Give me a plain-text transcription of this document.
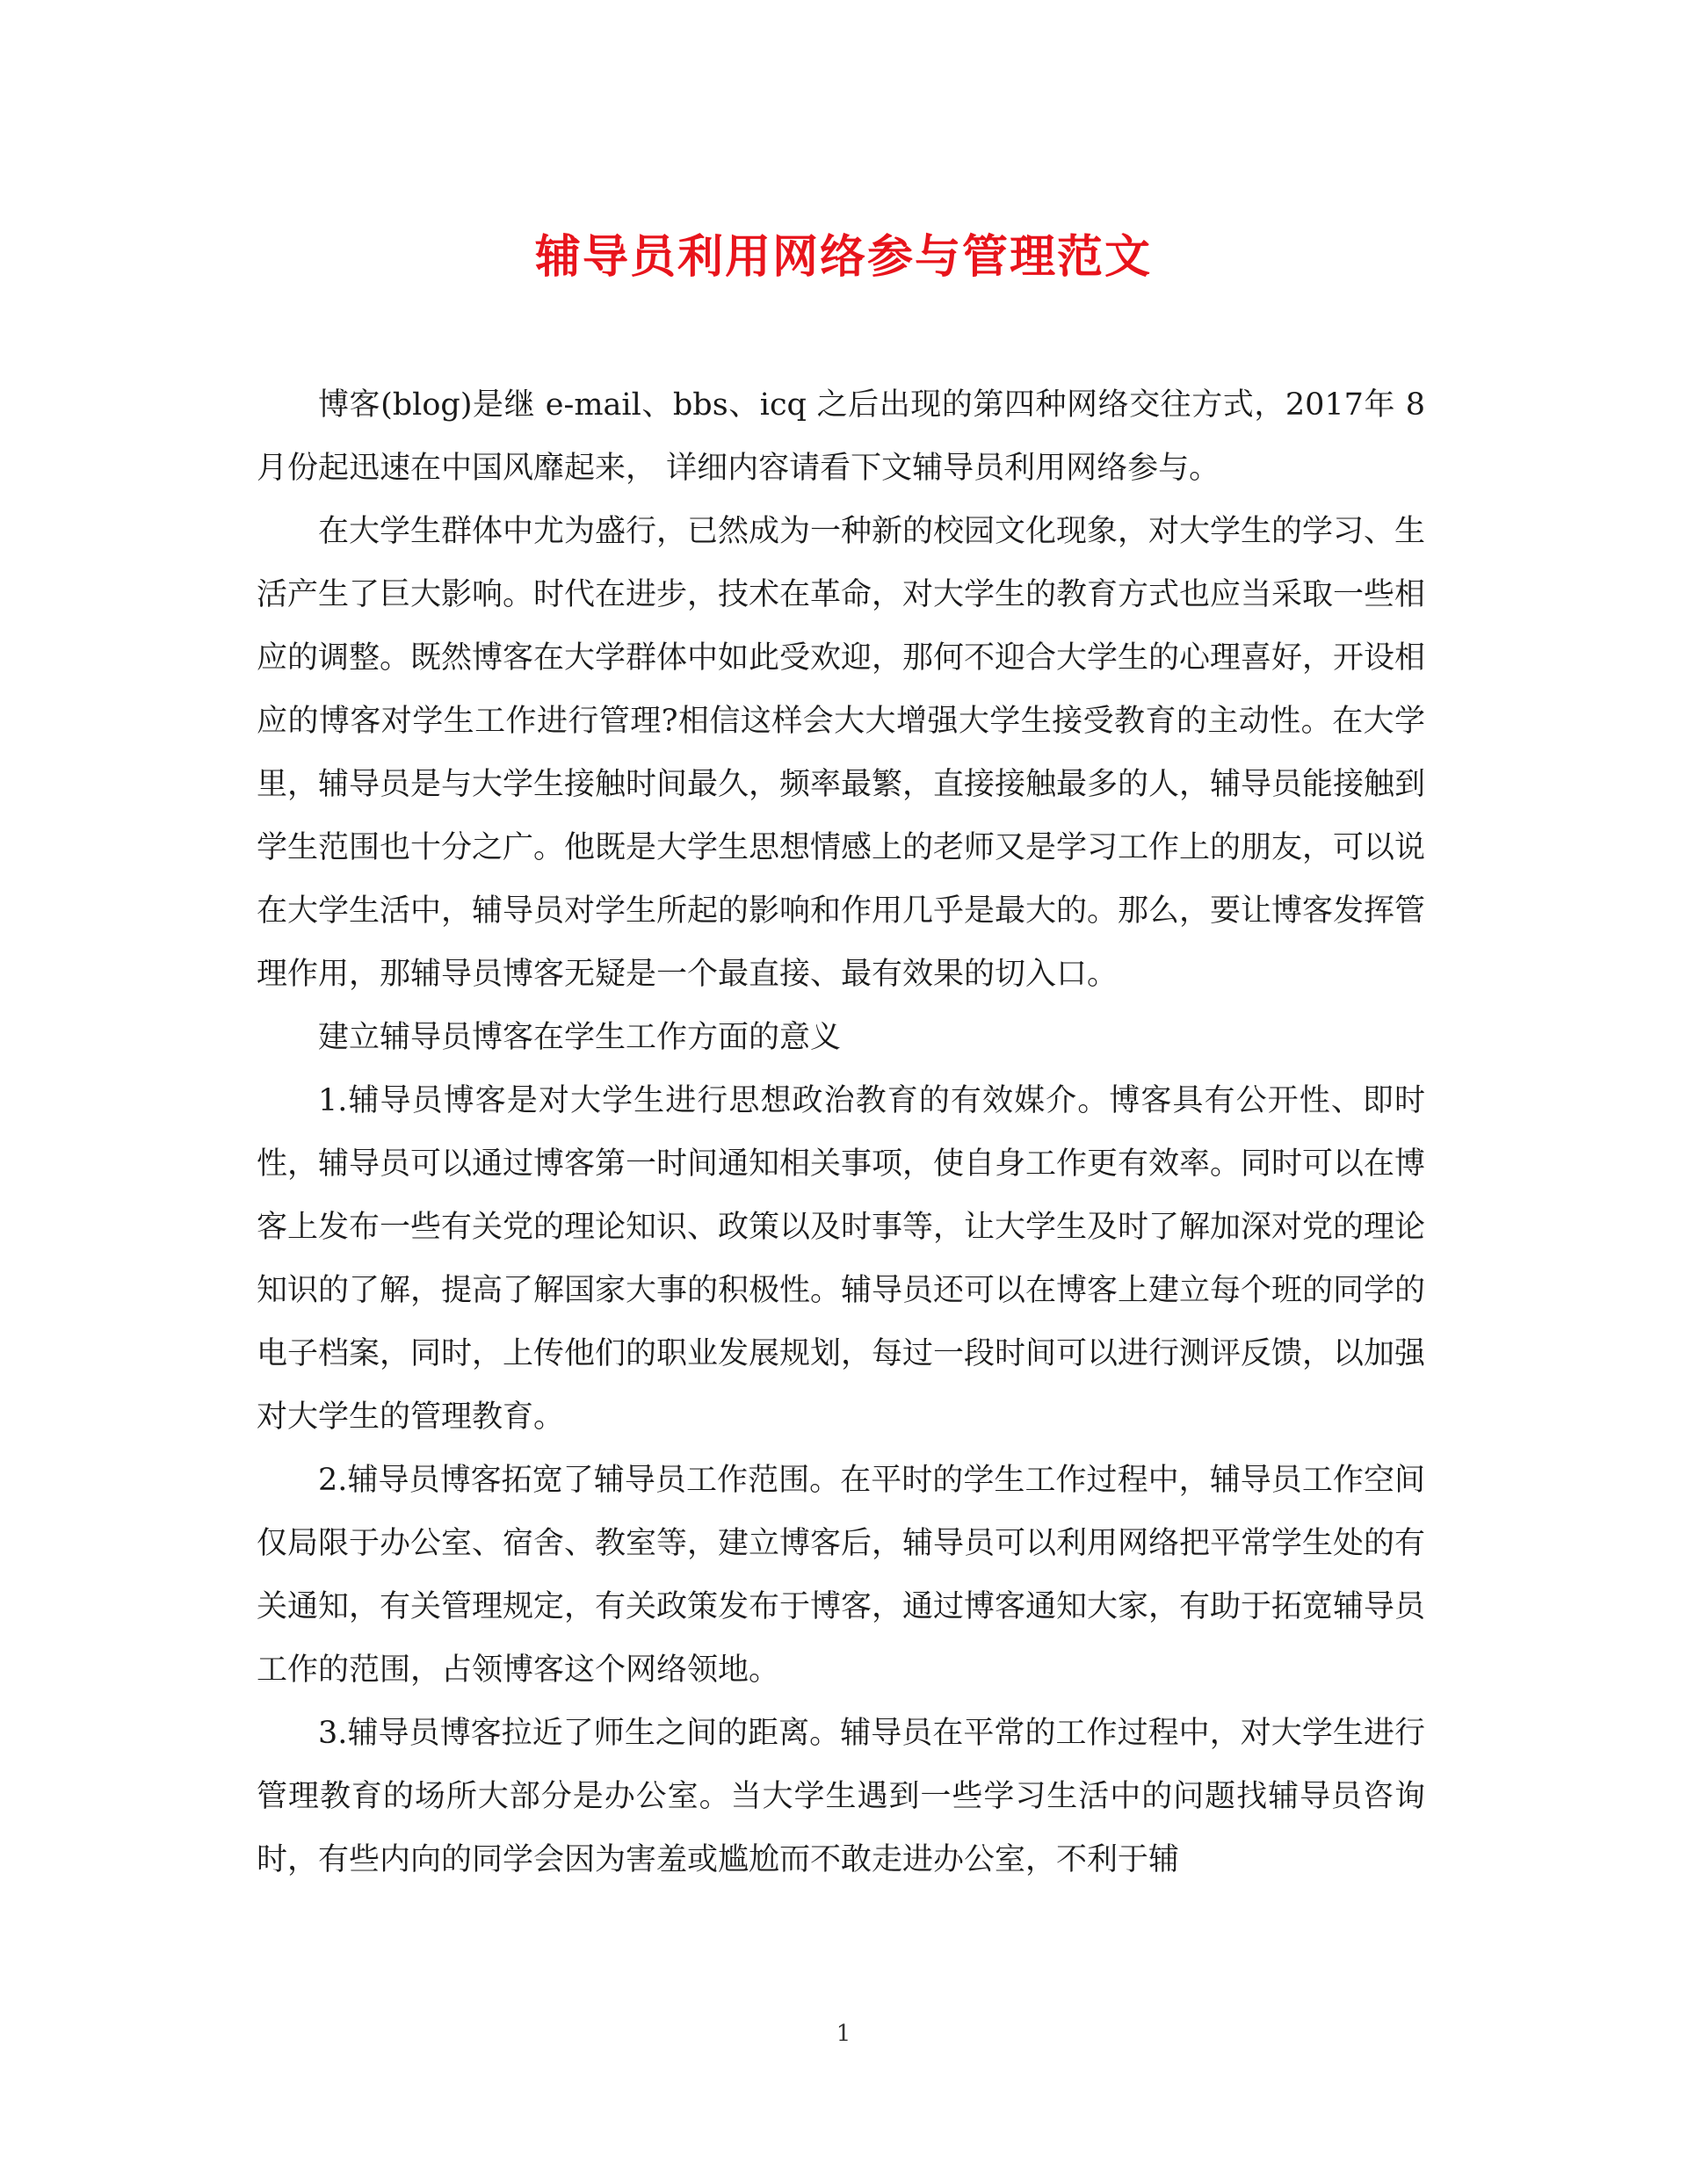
辅导员利用网络参与管理范文

博客(blog)是继 e-mail、bbs、icq 之后出现的第四种网络交往方式，2017年 8 月份起迅速在中国风靡起来， 详细内容请看下文辅导员利用网络参与。

在大学生群体中尤为盛行，已然成为一种新的校园文化现象，对大学生的学习、生活产生了巨大影响。时代在进步，技术在革命，对大学生的教育方式也应当采取一些相应的调整。既然博客在大学群体中如此受欢迎，那何不迎合大学生的心理喜好，开设相应的博客对学生工作进行管理?相信这样会大大增强大学生接受教育的主动性。在大学里，辅导员是与大学生接触时间最久，频率最繁，直接接触最多的人，辅导员能接触到学生范围也十分之广。他既是大学生思想情感上的老师又是学习工作上的朋友，可以说在大学生活中，辅导员对学生所起的影响和作用几乎是最大的。那么，要让博客发挥管理作用，那辅导员博客无疑是一个最直接、最有效果的切入口。

建立辅导员博客在学生工作方面的意义

1.辅导员博客是对大学生进行思想政治教育的有效媒介。博客具有公开性、即时性，辅导员可以通过博客第一时间通知相关事项，使自身工作更有效率。同时可以在博客上发布一些有关党的理论知识、政策以及时事等，让大学生及时了解加深对党的理论知识的了解，提高了解国家大事的积极性。辅导员还可以在博客上建立每个班的同学的电子档案，同时，上传他们的职业发展规划，每过一段时间可以进行测评反馈，以加强对大学生的管理教育。

2.辅导员博客拓宽了辅导员工作范围。在平时的学生工作过程中，辅导员工作空间仅局限于办公室、宿舍、教室等，建立博客后，辅导员可以利用网络把平常学生处的有关通知，有关管理规定，有关政策发布于博客，通过博客通知大家，有助于拓宽辅导员工作的范围，占领博客这个网络领地。

3.辅导员博客拉近了师生之间的距离。辅导员在平常的工作过程中，对大学生进行管理教育的场所大部分是办公室。当大学生遇到一些学习生活中的问题找辅导员咨询时，有些内向的同学会因为害羞或尴尬而不敢走进办公室，不利于辅

1
